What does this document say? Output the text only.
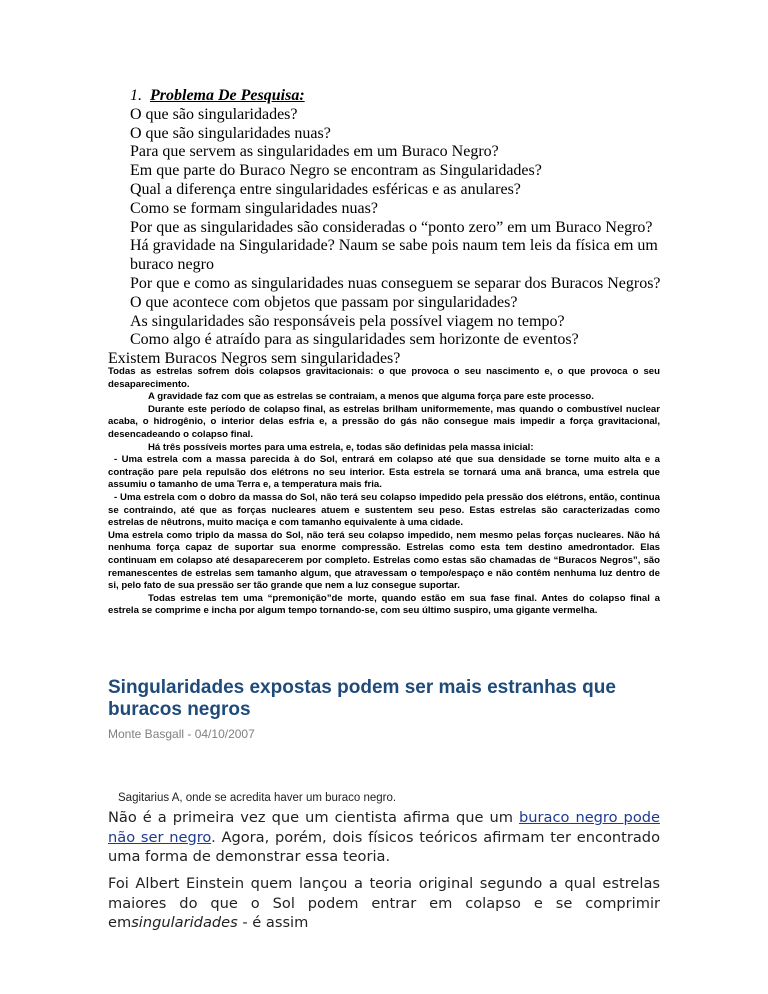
1. Problema De Pesquisa:
O que são singularidades?
O que são singularidades nuas?
Para que servem as singularidades em um Buraco Negro?
Em que parte do Buraco Negro se encontram as Singularidades?
Qual a diferença entre singularidades esféricas e as anulares?
Como se formam singularidades nuas?
Por que as singularidades são consideradas o “ponto zero” em um Buraco Negro?
Há gravidade na Singularidade? Naum se sabe pois naum tem leis da física em um
buraco negro
Por que e como as singularidades nuas conseguem se separar dos Buracos Negros?
O que acontece com objetos que passam por singularidades?
As singularidades são responsáveis pela possível viagem no tempo?
Como algo é atraído para as singularidades sem horizonte de eventos?
Existem Buracos Negros sem singularidades?

Todas as estrelas sofrem dois colapsos gravitacionais: o que provoca o seu nascimento e, o que provoca o seu desaparecimento.

A gravidade faz com que as estrelas se contraiam, a menos que alguma força pare este processo.

Durante este período de colapso final, as estrelas brilham uniformemente, mas quando o combustível nuclear acaba, o hidrogênio, o interior delas esfria e, a pressão do gás não consegue mais impedir a força gravitacional, desencadeando o colapso final.

Há três possíveis mortes para uma estrela, e, todas são definidas pela massa inicial:

- Uma estrela com a massa parecida à do Sol, entrará em colapso até que sua densidade se torne muito alta e a contração pare pela repulsão dos elétrons no seu interior. Esta estrela se tornará uma anã branca, uma estrela que assumiu o tamanho de uma Terra e, a temperatura mais fria.

- Uma estrela com o dobro da massa do Sol, não terá seu colapso impedido pela pressão dos elétrons, então, continua se contraindo, até que as forças nucleares atuem e sustentem seu peso. Estas estrelas são caracterizadas como estrelas de nêutrons, muito maciça e com tamanho equivalente à uma cidade.

Uma estrela como triplo da massa do Sol, não terá seu colapso impedido, nem mesmo pelas forças nucleares. Não há nenhuma força capaz de suportar sua enorme compressão. Estrelas como esta tem destino amedrontador. Elas continuam em colapso até desaparecerem por completo. Estrelas como estas são chamadas de “Buracos Negros”, são remanescentes de estrelas sem tamanho algum, que atravessam o tempo/espaço e não contêm nenhuma luz dentro de si, pelo fato de sua pressão ser tão grande que nem a luz consegue suportar.

Todas estrelas tem uma “premonição”de morte, quando estão em sua fase final. Antes do colapso final a estrela se comprime e incha por algum tempo tornando-se, com seu último suspiro, uma gigante vermelha.

Singularidades expostas podem ser mais estranhas que buracos negros
Monte Basgall - 04/10/2007
Sagitarius A, onde se acredita haver um buraco negro.

Não é a primeira vez que um cientista afirma que um buraco negro pode não ser negro. Agora, porém, dois físicos teóricos afirmam ter encontrado uma forma de demonstrar essa teoria.

Foi Albert Einstein quem lançou a teoria original segundo a qual estrelas maiores do que o Sol podem entrar em colapso e se comprimir emsingularidades - é assim
